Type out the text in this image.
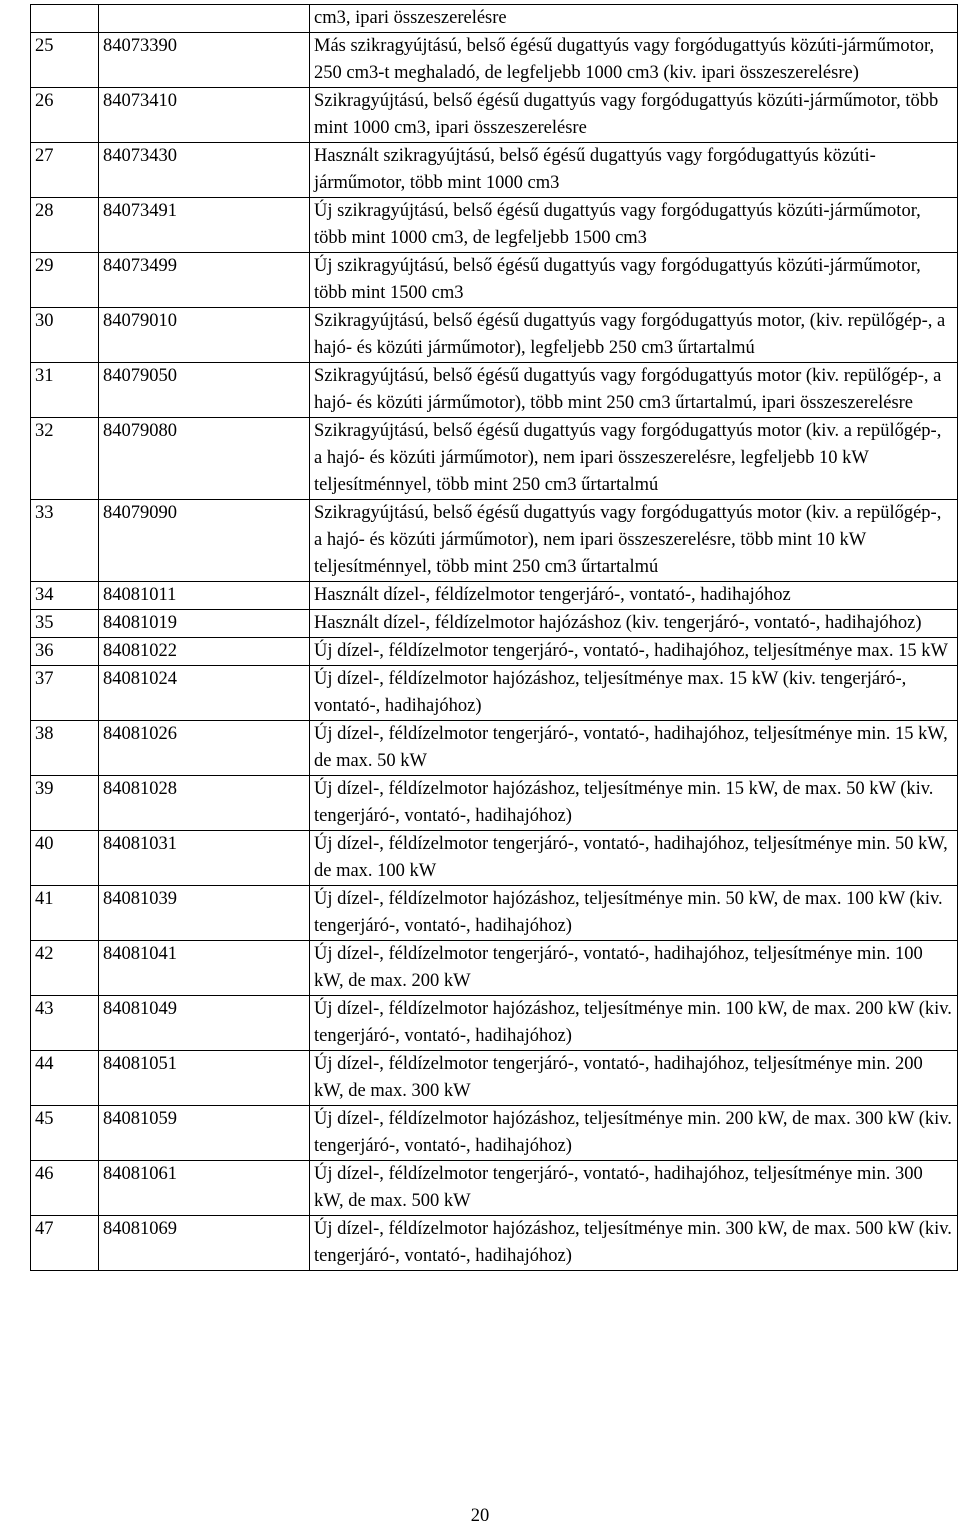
		cm3, ipari összeszerelésre
25	84073390	Más szikragyújtású, belső égésű dugattyús vagy forgódugattyús közúti-járműmotor, 250 cm3-t meghaladó, de legfeljebb 1000 cm3 (kiv. ipari összeszerelésre)
26	84073410	Szikragyújtású, belső égésű dugattyús vagy forgódugattyús közúti-járműmotor, több mint 1000 cm3, ipari összeszerelésre
27	84073430	Használt szikragyújtású, belső égésű dugattyús vagy forgódugattyús közúti-járműmotor, több mint 1000 cm3
28	84073491	Új szikragyújtású, belső égésű dugattyús vagy forgódugattyús közúti-járműmotor, több mint 1000 cm3, de legfeljebb 1500 cm3
29	84073499	Új szikragyújtású, belső égésű dugattyús vagy forgódugattyús közúti-járműmotor, több mint 1500 cm3
30	84079010	Szikragyújtású, belső égésű dugattyús vagy forgódugattyús motor, (kiv. repülőgép-, a hajó- és közúti járműmotor), legfeljebb 250 cm3 űrtartalmú
31	84079050	Szikragyújtású, belső égésű dugattyús vagy forgódugattyús motor (kiv. repülőgép-, a hajó- és közúti járműmotor), több mint 250 cm3 űrtartalmú, ipari összeszerelésre
32	84079080	Szikragyújtású, belső égésű dugattyús vagy forgódugattyús motor (kiv. a repülőgép-, a hajó- és közúti járműmotor), nem ipari összeszerelésre, legfeljebb 10 kW teljesítménnyel, több mint 250 cm3 űrtartalmú
33	84079090	Szikragyújtású, belső égésű dugattyús vagy forgódugattyús motor (kiv. a repülőgép-, a hajó- és közúti járműmotor), nem ipari összeszerelésre, több mint 10 kW teljesítménnyel, több mint 250 cm3 űrtartalmú
34	84081011	Használt dízel-, féldízelmotor tengerjáró-, vontató-, hadihajóhoz
35	84081019	Használt dízel-, féldízelmotor hajózáshoz (kiv. tengerjáró-, vontató-, hadihajóhoz)
36	84081022	Új dízel-, féldízelmotor tengerjáró-, vontató-, hadihajóhoz, teljesítménye max. 15 kW
37	84081024	Új dízel-, féldízelmotor hajózáshoz, teljesítménye max. 15 kW (kiv. tengerjáró-, vontató-, hadihajóhoz)
38	84081026	Új dízel-, féldízelmotor tengerjáró-, vontató-, hadihajóhoz, teljesítménye min. 15 kW, de max. 50 kW
39	84081028	Új dízel-, féldízelmotor hajózáshoz, teljesítménye min. 15 kW, de max. 50 kW (kiv. tengerjáró-, vontató-, hadihajóhoz)
40	84081031	Új dízel-, féldízelmotor tengerjáró-, vontató-, hadihajóhoz, teljesítménye min. 50 kW, de max. 100 kW
41	84081039	Új dízel-, féldízelmotor hajózáshoz, teljesítménye min. 50 kW, de max. 100 kW (kiv. tengerjáró-, vontató-, hadihajóhoz)
42	84081041	Új dízel-, féldízelmotor tengerjáró-, vontató-, hadihajóhoz, teljesítménye min. 100 kW, de max. 200 kW
43	84081049	Új dízel-, féldízelmotor hajózáshoz, teljesítménye min. 100 kW, de max. 200 kW (kiv. tengerjáró-, vontató-, hadihajóhoz)
44	84081051	Új dízel-, féldízelmotor tengerjáró-, vontató-, hadihajóhoz, teljesítménye min. 200 kW, de max. 300 kW
45	84081059	Új dízel-, féldízelmotor hajózáshoz, teljesítménye min. 200 kW, de max. 300 kW (kiv. tengerjáró-, vontató-, hadihajóhoz)
46	84081061	Új dízel-, féldízelmotor tengerjáró-, vontató-, hadihajóhoz, teljesítménye min. 300 kW, de max. 500 kW
47	84081069	Új dízel-, féldízelmotor hajózáshoz, teljesítménye min. 300 kW, de max. 500 kW (kiv. tengerjáró-, vontató-, hadihajóhoz)
20
